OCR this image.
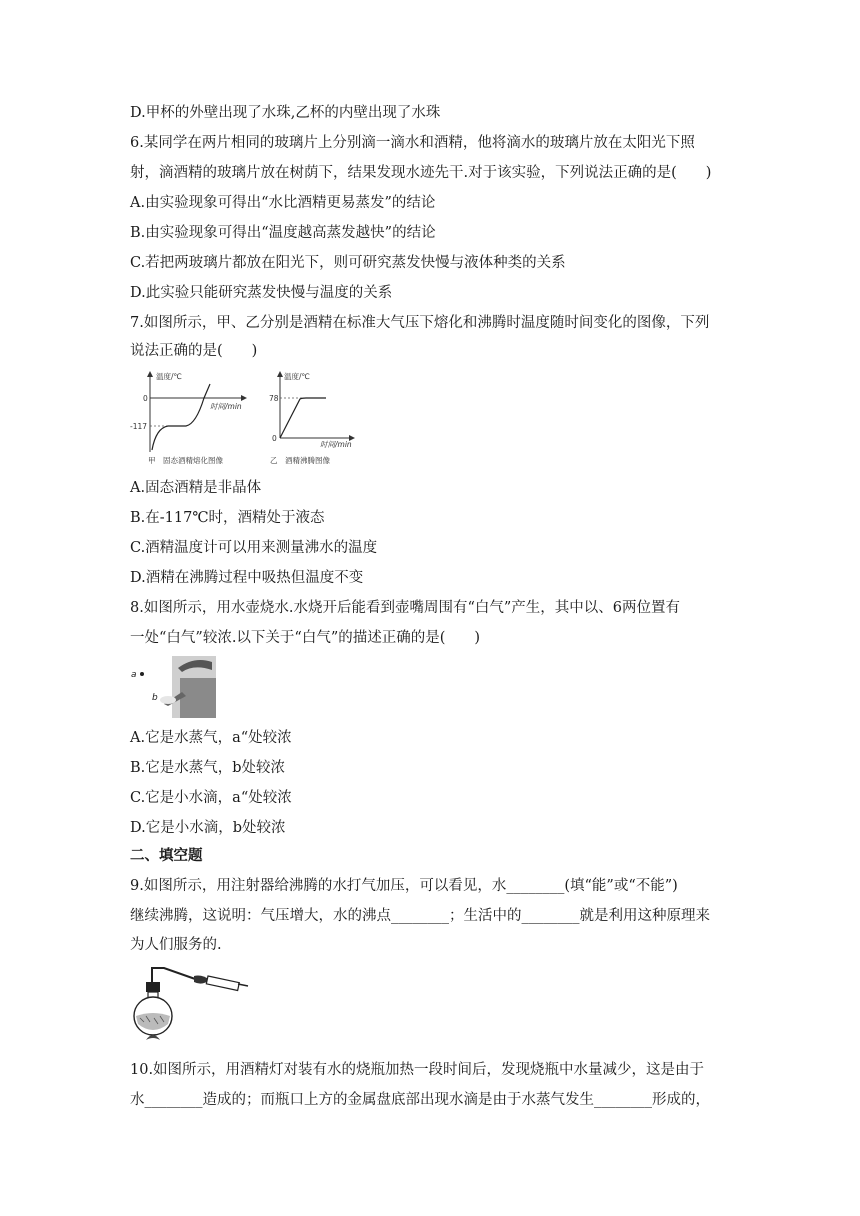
D.甲杯的外壁出现了水珠,乙杯的内壁出现了水珠
6.某同学在两片相同的玻璃片上分别滴一滴水和酒精，他将滴水的玻璃片放在太阳光下照
射，滴酒精的玻璃片放在树荫下，结果发现水迹先干.对于该实验，下列说法正确的是(　　)
A.由实验现象可得出“水比酒精更易蒸发”的结论
B.由实验现象可得出“温度越高蒸发越快”的结论
C.若把两玻璃片都放在阳光下，则可研究蒸发快慢与液体种类的关系
D.此实验只能研究蒸发快慢与温度的关系
7.如图所示，甲、乙分别是酒精在标准大气压下熔化和沸腾时温度随时间变化的图像，下列
说法正确的是(　　)
温度/℃
时间/min
0
-117
甲　固态酒精熔化图像
温度/℃
时间/min
78
0
乙　酒精沸腾图像
A.固态酒精是非晶体
B.在-117℃时，酒精处于液态
C.酒精温度计可以用来测量沸水的温度
D.酒精在沸腾过程中吸热但温度不变
8.如图所示，用水壶烧水.水烧开后能看到壶嘴周围有“白气”产生，其中以、6两位置有
一处“白气”较浓.以下关于“白气”的描述正确的是(　　)
a
b
A.它是水蒸气，a“处较浓
B.它是水蒸气，b处较浓
C.它是小水滴，a“处较浓
D.它是小水滴，b处较浓
二、填空题
9.如图所示，用注射器给沸腾的水打气加压，可以看见，水________(填“能”或“不能”)
继续沸腾，这说明：气压增大，水的沸点________；生活中的________就是利用这种原理来
为人们服务的.
10.如图所示，用酒精灯对装有水的烧瓶加热一段时间后，发现烧瓶中水量减少，这是由于
水________造成的；而瓶口上方的金属盘底部出现水滴是由于水蒸气发生________形成的，
